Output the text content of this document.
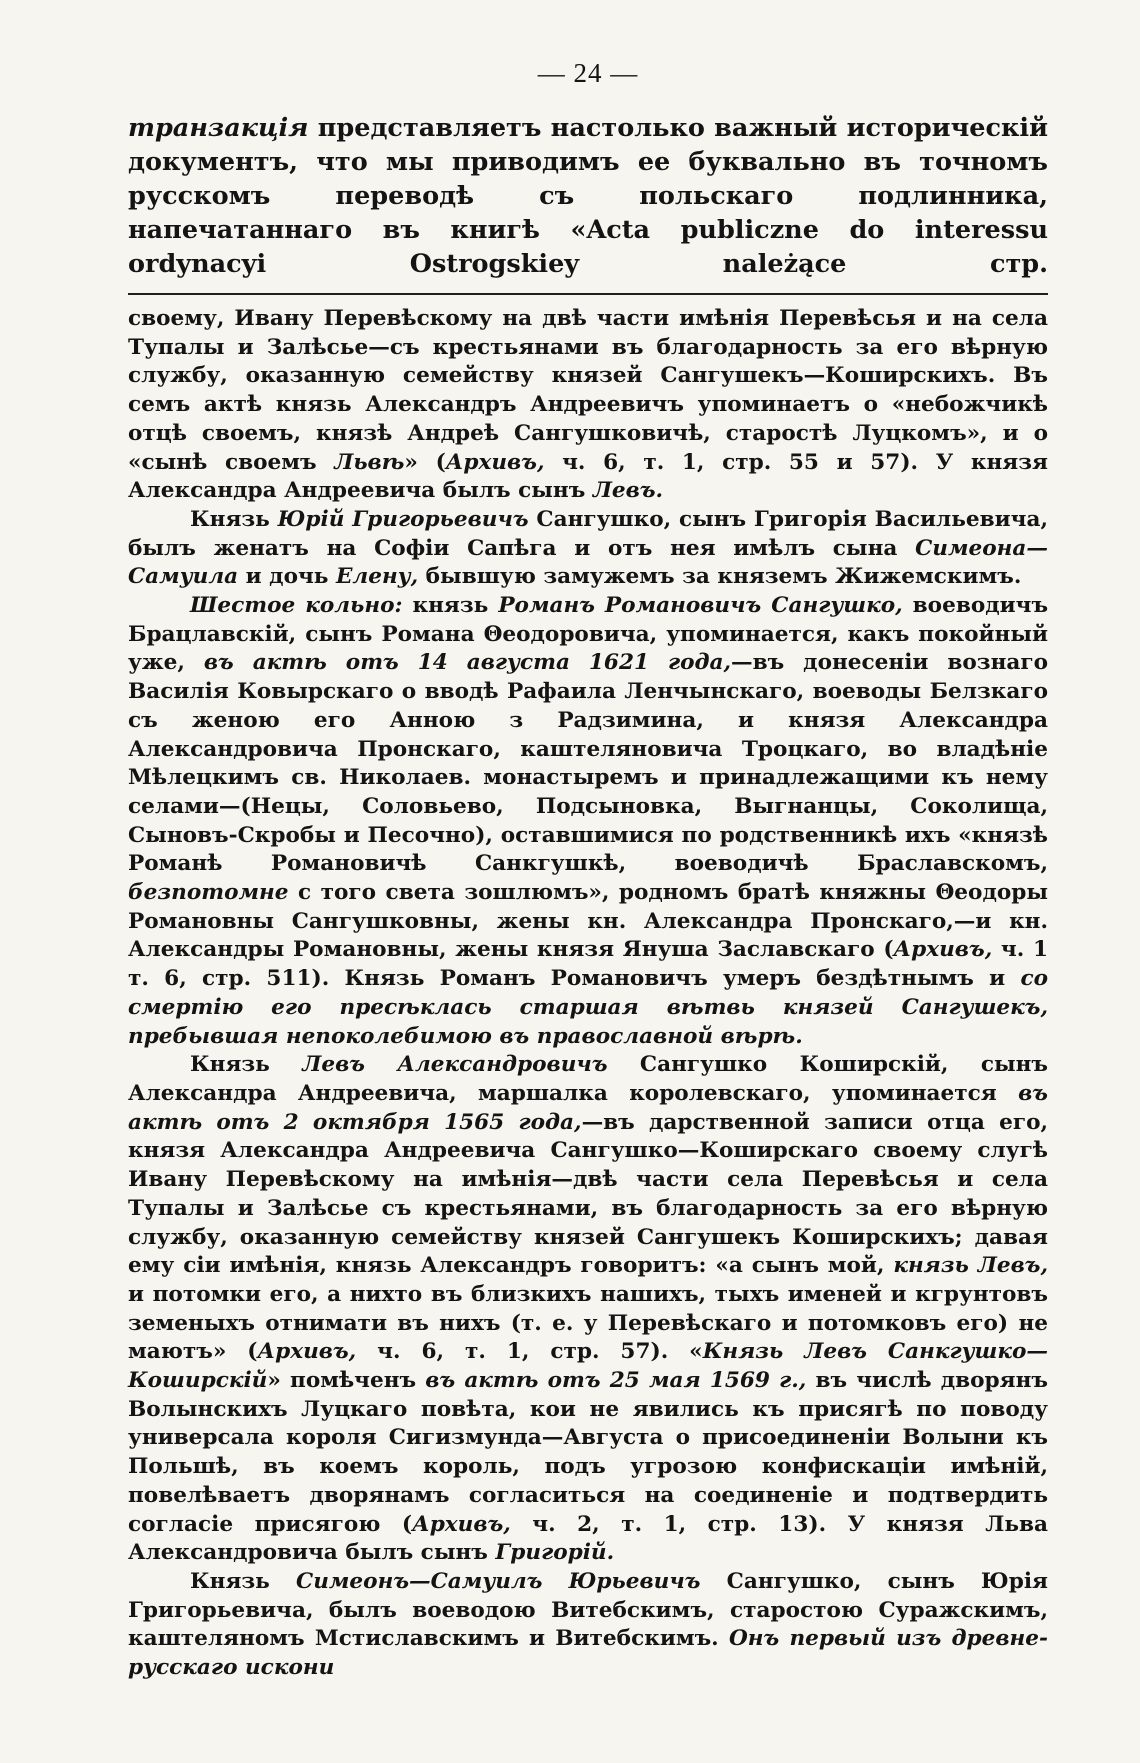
— 24 —

транзакція представляетъ настолько важный историческій документъ, что мы приводимъ ее буквально въ точномъ русскомъ переводѣ съ польскаго подлинника, напечатаннаго въ книгѣ «Acta publiczne do interessu ordynacyi Ostrogskiey należące стр.

своему, Ивану Перевѣскому на двѣ части имѣнія Перевѣсья и на села Тупалы и Залѣсье—съ крестьянами въ благодарность за его вѣрную службу, оказанную семейству князей Сангушекъ—Коширскихъ. Въ семъ актѣ князь Александръ Андреевичъ упоминаетъ о «небожчикѣ отцѣ своемъ, князѣ Андреѣ Сангушковичѣ, старостѣ Луцкомъ», и о «сынѣ своемъ Львѣ» (Архивъ, ч. 6, т. 1, стр. 55 и 57). У князя Александра Андреевича былъ сынъ Левъ.

Князь Юрій Григорьевичъ Сангушко, сынъ Григорія Васильевича, былъ женатъ на Софіи Сапѣга и отъ нея имѣлъ сына Симеона—Самуила и дочь Елену, бывшую замужемъ за княземъ Жижемскимъ.

Шестое кольно: князь Романъ Романовичъ Сангушко, воеводичъ Брацлавскій, сынъ Романа Θеодоровича, упоминается, какъ покойный уже, въ актѣ отъ 14 августа 1621 года,—въ донесеніи вознаго Василія Ковырскаго о вводѣ Рафаила Ленчынскаго, воеводы Белзкаго съ женою его Анною з Радзимина, и князя Александра Александровича Пронскаго, каштеляновича Троцкаго, во владѣніе Мѣлецкимъ св. Николаев. монастыремъ и принадлежащими къ нему селами—(Нецы, Соловьево, Подсыновка, Выгнанцы, Соколища, Сыновъ-Скробы и Песочно), оставшимися по родственникѣ ихъ «князѣ Романѣ Романовичѣ Санкгушкѣ, воеводичѣ Браславскомъ, безпотомне с того света зошлюмъ», родномъ братѣ княжны Θеодоры Романовны Сангушковны, жены кн. Александра Пронскаго,—и кн. Александры Романовны, жены князя Януша Заславскаго (Архивъ, ч. 1 т. 6, стр. 511). Князь Романъ Романовичъ умеръ бездѣтнымъ и со смертію его пресѣклась старшая вѣтвь князей Сангушекъ, пребывшая непоколебимою въ православной вѣрѣ.

Князь Левъ Александровичъ Сангушко Коширскій, сынъ Александра Андреевича, маршалка королевскаго, упоминается въ актѣ отъ 2 октября 1565 года,—въ дарственной записи отца его, князя Александра Андреевича Сангушко—Коширскаго своему слугѣ Ивану Перевѣскому на имѣнія—двѣ части села Перевѣсья и села Тупалы и Залѣсье съ крестьянами, въ благодарность за его вѣрную службу, оказанную семейству князей Сангушекъ Коширскихъ; давая ему сіи имѣнія, князь Александръ говоритъ: «а сынъ мой, князь Левъ, и потомки его, а нихто въ близкихъ нашихъ, тыхъ именей и кгрунтовъ земеныхъ отнимати въ нихъ (т. е. у Перевѣскаго и потомковъ его) не маютъ» (Архивъ, ч. 6, т. 1, стр. 57). «Князь Левъ Санкгушко—Коширскій» помѣченъ въ актѣ отъ 25 мая 1569 г., въ числѣ дворянъ Волынскихъ Луцкаго повѣта, кои не явились къ присягѣ по поводу универсала короля Сигизмунда—Августа о присоединеніи Волыни къ Польшѣ, въ коемъ король, подъ угрозою конфискаціи имѣній, повелѣваетъ дворянамъ согласиться на соединеніе и подтвердить согласіе присягою (Архивъ, ч. 2, т. 1, стр. 13). У князя Льва Александровича былъ сынъ Григорій.

Князь Симеонъ—Самуилъ Юрьевичъ Сангушко, сынъ Юрія Григорьевича, былъ воеводою Витебскимъ, старостою Суражскимъ, каштеляномъ Мстиславскимъ и Витебскимъ. Онъ первый изъ древне-русскаго искони
